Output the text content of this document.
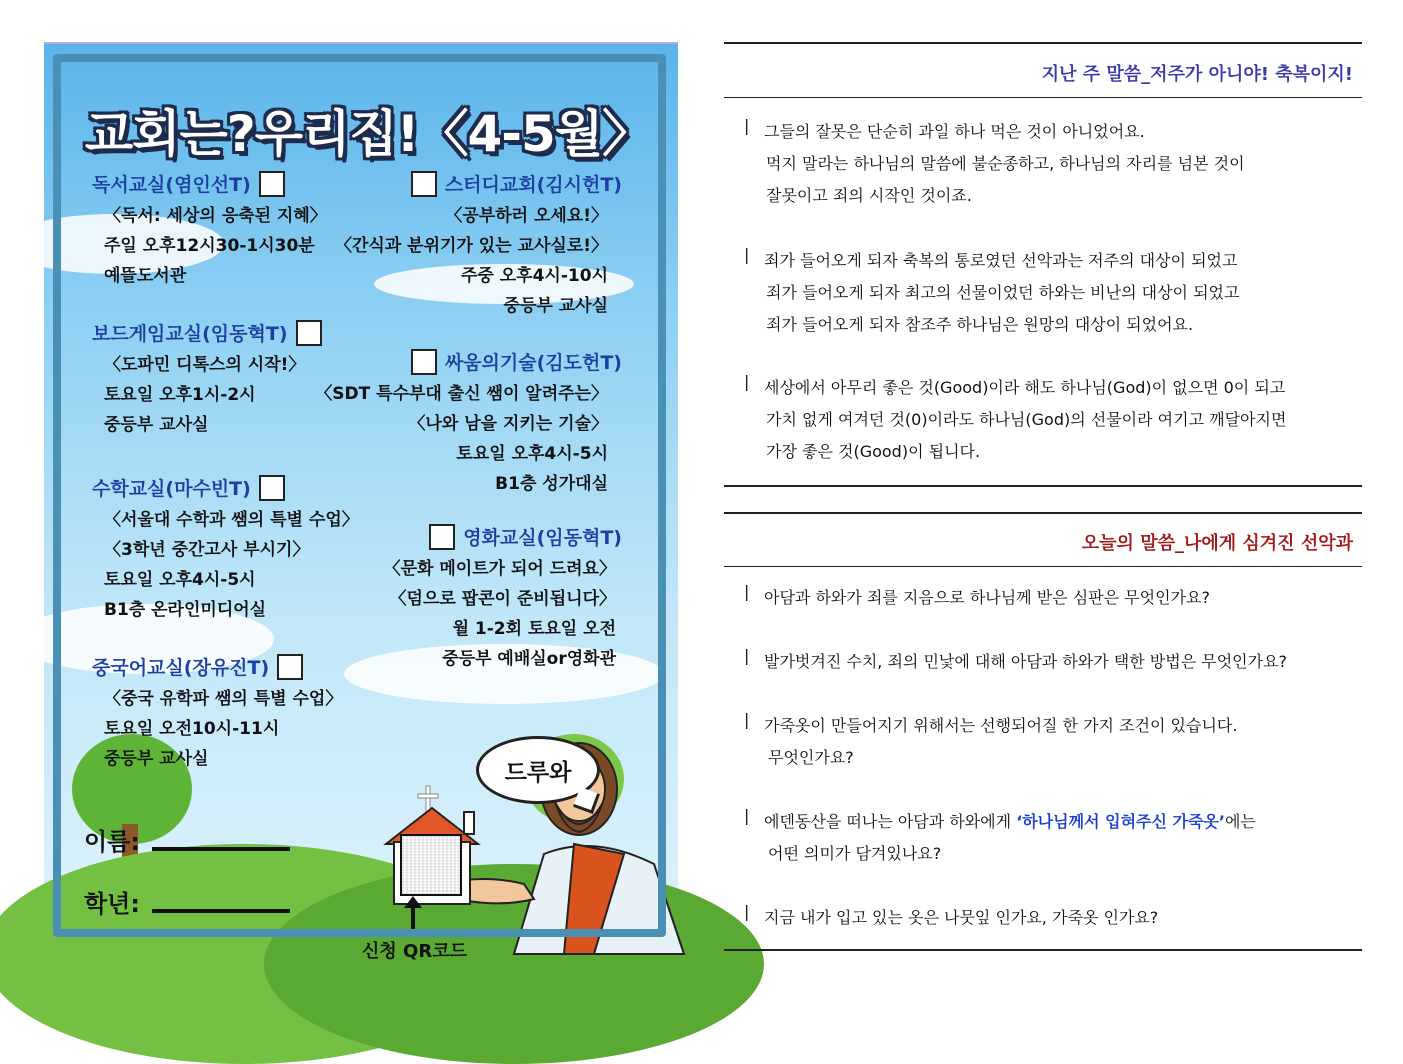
교회는?우리집!〈4-5월〉
독서교실(염인선T)
〈독서: 세상의 응축된 지혜〉
주일 오후12시30-1시30분
예뜰도서관
보드게임교실(임동혁T)
〈도파민 디톡스의 시작!〉
토요일 오후1시-2시
중등부 교사실
수학교실(마수빈T)
〈서울대 수학과 쌤의 특별 수업〉
〈3학년 중간고사 부시기〉
토요일 오후4시-5시
B1층 온라인미디어실
중국어교실(장유진T)
〈중국 유학파 쌤의 특별 수업〉
토요일 오전10시-11시
중등부 교사실
스터디교회(김시헌T)
〈공부하러 오세요!〉
〈간식과 분위기가 있는 교사실로!〉
주중 오후4시-10시
중등부 교사실
싸움의기술(김도헌T)
〈SDT 특수부대 출신 쌤이 알려주는〉
〈나와 남을 지키는 기술〉
토요일 오후4시-5시
B1층 성가대실
영화교실(임동혁T)
〈문화 메이트가 되어 드려요〉
〈덤으로 팝콘이 준비됩니다〉
월 1-2회 토요일 오전
중등부 예배실or영화관
이름:
학년:
신청 QR코드
드루와
지난 주 말씀_저주가 아니야! 축복이지!
| 그들의 잘못은 단순히 과일 하나 먹은 것이 아니었어요.
먹지 말라는 하나님의 말씀에 불순종하고, 하나님의 자리를 넘본 것이
잘못이고 죄의 시작인 것이죠.
| 죄가 들어오게 되자 축복의 통로였던 선악과는 저주의 대상이 되었고
죄가 들어오게 되자 최고의 선물이었던 하와는 비난의 대상이 되었고
죄가 들어오게 되자 참조주 하나님은 원망의 대상이 되었어요.
| 세상에서 아무리 좋은 것(Good)이라 해도 하나님(God)이 없으면 0이 되고
가치 없게 여겨던 것(0)이라도 하나님(God)의 선물이라 여기고 깨달아지면
가장 좋은 것(Good)이 됩니다.
오늘의 말씀_나에게 심겨진 선악과
| 아담과 하와가 죄를 지음으로 하나님께 받은 심판은 무엇인가요?
| 발가벗겨진 수치, 죄의 민낯에 대해 아담과 하와가 택한 방법은 무엇인가요?
| 가죽옷이 만들어지기 위해서는 선행되어질 한 가지 조건이 있습니다.
무엇인가요?
| 에덴동산을 떠나는 아담과 하와에게 ‘하나님께서 입혀주신 가죽옷’에는
어떤 의미가 담겨있나요?
| 지금 내가 입고 있는 옷은 나뭇잎 인가요, 가죽옷 인가요?
